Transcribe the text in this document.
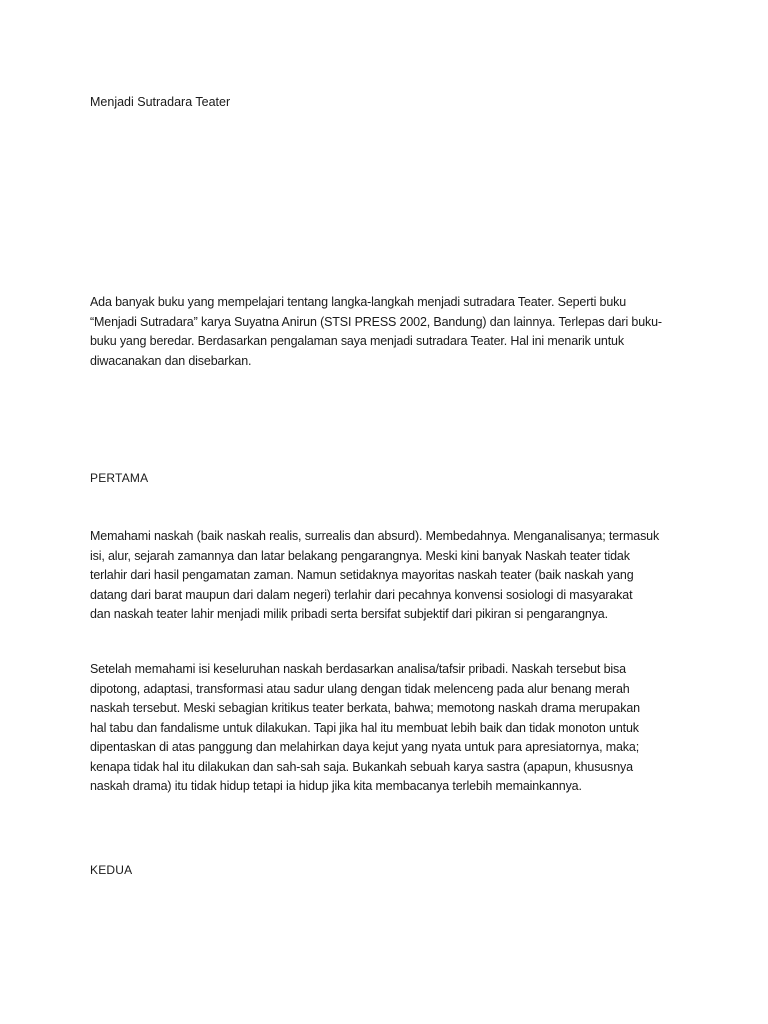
Menjadi Sutradara Teater

Ada banyak buku yang mempelajari tentang langka-langkah menjadi sutradara Teater. Seperti buku
“Menjadi Sutradara” karya Suyatna Anirun (STSI PRESS 2002, Bandung) dan lainnya. Terlepas dari buku-
buku yang beredar. Berdasarkan pengalaman saya menjadi sutradara Teater. Hal ini menarik untuk
diwacanakan dan disebarkan.

PERTAMA

Memahami naskah (baik naskah realis, surrealis dan absurd). Membedahnya. Menganalisanya; termasuk
isi, alur, sejarah zamannya dan latar belakang pengarangnya. Meski kini banyak Naskah teater tidak
terlahir dari hasil pengamatan zaman. Namun setidaknya mayoritas naskah teater (baik naskah yang
datang dari barat maupun dari dalam negeri) terlahir dari pecahnya konvensi sosiologi di masyarakat
dan naskah teater lahir menjadi milik pribadi serta bersifat subjektif dari pikiran si pengarangnya.

Setelah memahami isi keseluruhan naskah berdasarkan analisa/tafsir pribadi. Naskah tersebut bisa
dipotong, adaptasi, transformasi atau sadur ulang dengan tidak melenceng pada alur benang merah
naskah tersebut. Meski sebagian kritikus teater berkata, bahwa; memotong naskah drama merupakan
hal tabu dan fandalisme untuk dilakukan. Tapi jika hal itu membuat lebih baik dan tidak monoton untuk
dipentaskan di atas panggung dan melahirkan daya kejut yang nyata untuk para apresiatornya, maka;
kenapa tidak hal itu dilakukan dan sah-sah saja. Bukankah sebuah karya sastra (apapun, khususnya
naskah drama) itu tidak hidup tetapi ia hidup jika kita membacanya terlebih memainkannya.

KEDUA
